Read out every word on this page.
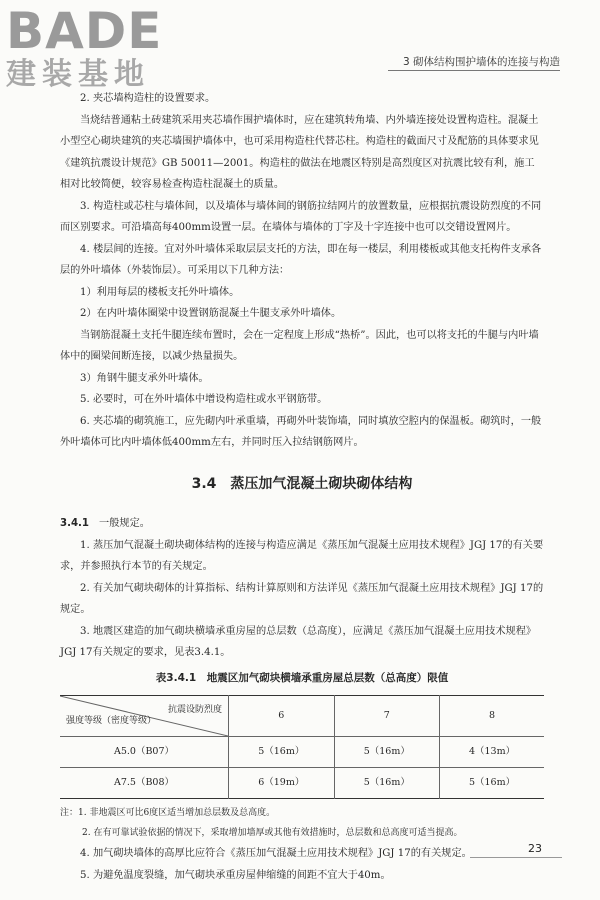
BADE
建装基地	3 砌体结构围护墙体的连接与构造

2. 夹芯墙构造柱的设置要求。

当烧结普通粘土砖建筑采用夹芯墙作围护墙体时，应在建筑转角墙、内外墙连接处设置构造柱。混凝土小型空心砌块建筑的夹芯墙围护墙体中，也可采用构造柱代替芯柱。构造柱的截面尺寸及配筋的具体要求见《建筑抗震设计规范》GB 50011—2001。构造柱的做法在地震区特别是高烈度区对抗震比较有利，施工相对比较简便，较容易检查构造柱混凝土的质量。

3. 构造柱或芯柱与墙体间，以及墙体与墙体间的钢筋拉结网片的放置数量，应根据抗震设防烈度的不同而区别要求。可沿墙高每400mm设置一层。在墙体与墙体的丁字及十字连接中也可以交错设置网片。

4. 楼层间的连接。宜对外叶墙体采取层层支托的方法，即在每一楼层，利用楼板或其他支托构件支承各层的外叶墙体（外装饰层）。可采用以下几种方法：

1）利用每层的楼板支托外叶墙体。

2）在内叶墙体圈梁中设置钢筋混凝土牛腿支承外叶墙体。

当钢筋混凝土支托牛腿连续布置时，会在一定程度上形成“热桥”。因此，也可以将支托的牛腿与内叶墙体中的圈梁间断连接，以减少热量损失。

3）角钢牛腿支承外叶墙体。

5. 必要时，可在外叶墙体中增设构造柱或水平钢筋带。

6. 夹芯墙的砌筑施工，应先砌内叶承重墙，再砌外叶装饰墙，同时填放空腔内的保温板。砌筑时，一般外叶墙体可比内叶墙体低400mm左右，并同时压入拉结钢筋网片。

3.4 蒸压加气混凝土砌块砌体结构

3.4.1 一般规定。

1. 蒸压加气混凝土砌块砌体结构的连接与构造应满足《蒸压加气混凝土应用技术规程》JGJ 17的有关要求，并参照执行本节的有关规定。

2. 有关加气砌块砌体的计算指标、结构计算原则和方法详见《蒸压加气混凝土应用技术规程》JGJ 17的规定。

3. 地震区建造的加气砌块横墙承重房屋的总层数（总高度），应满足《蒸压加气混凝土应用技术规程》JGJ 17有关规定的要求，见表3.4.1。

表3.4.1　地震区加气砌块横墙承重房屋总层数（总高度）限值
抗震设防烈度
强度等级（密度等级）	6	7	8
A5.0（B07）	5（16m）	5（16m）	4（13m）
A7.5（B08）	6（19m）	5（16m）	5（16m）
注：1. 非地震区可比6度区适当增加总层数及总高度。
2. 在有可靠试验依据的情况下，采取增加墙厚或其他有效措施时，总层数和总高度可适当提高。

4. 加气砌块墙体的高厚比应符合《蒸压加气混凝土应用技术规程》JGJ 17的有关规定。

5. 为避免温度裂缝，加气砌块承重房屋伸缩缝的间距不宜大于40m。

23
